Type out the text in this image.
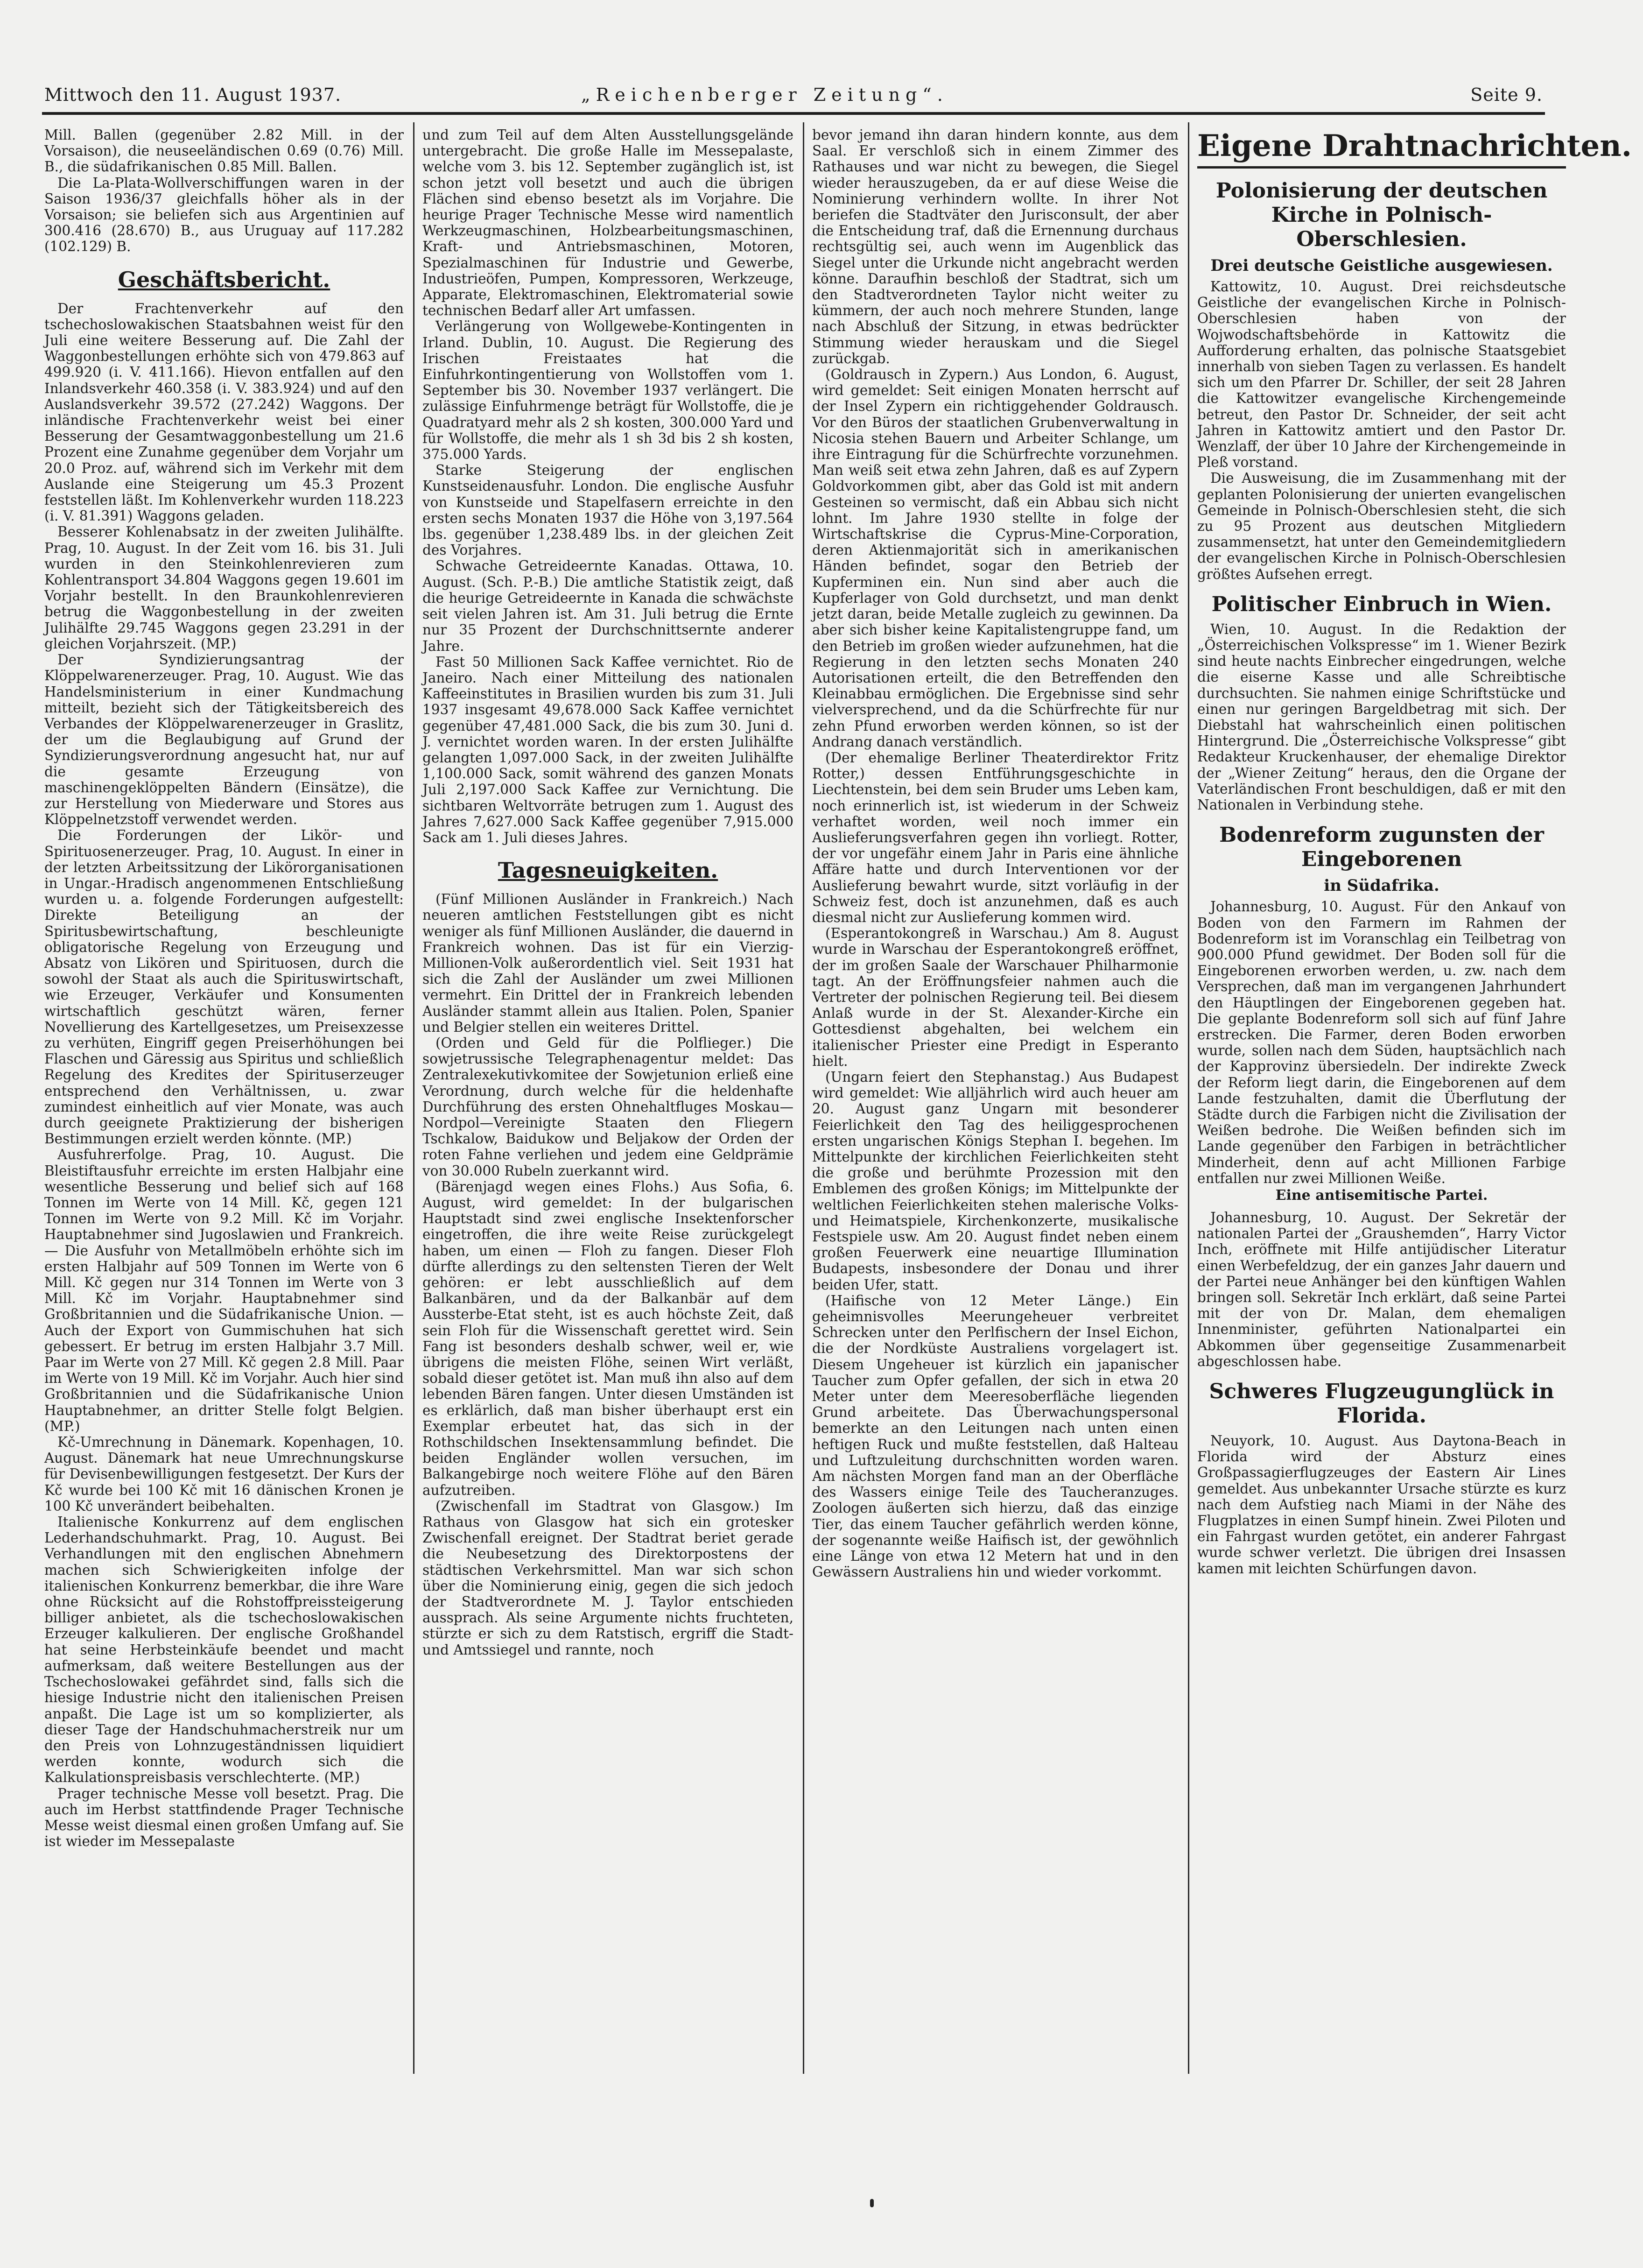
Mittwoch den 11. August 1937.	„Reichenberger Zeitung“.	Seite 9.

Mill. Ballen (gegenüber 2.82 Mill. in der Vorsaison), die neuseeländischen 0.69 (0.76) Mill. B., die südafrikanischen 0.85 Mill. Ballen.

Die La-Plata-Wollverschiffungen waren in der Saison 1936/37 gleichfalls höher als in der Vorsaison; sie beliefen sich aus Argentinien auf 300.416 (28.670) B., aus Uruguay auf 117.282 (102.129) B.

Geschäftsbericht.

Der Frachtenverkehr auf den tschechoslowakischen Staatsbahnen weist für den Juli eine weitere Besserung auf. Die Zahl der Waggonbestellungen erhöhte sich von 479.863 auf 499.920 (i. V. 411.166). Hievon entfallen auf den Inlandsverkehr 460.358 (i. V. 383.924) und auf den Auslandsverkehr 39.572 (27.242) Waggons. Der inländische Frachtenverkehr weist bei einer Besserung der Gesamtwaggonbestellung um 21.6 Prozent eine Zunahme gegenüber dem Vorjahr um 20.0 Proz. auf, während sich im Verkehr mit dem Auslande eine Steigerung um 45.3 Prozent feststellen läßt. Im Kohlenverkehr wurden 118.223 (i. V. 81.391) Waggons geladen.

Besserer Kohlenabsatz in der zweiten Julihälfte. Prag, 10. August. In der Zeit vom 16. bis 31. Juli wurden in den Steinkohlenrevieren zum Kohlentransport 34.804 Waggons gegen 19.601 im Vorjahr bestellt. In den Braunkohlenrevieren betrug die Waggonbestellung in der zweiten Julihälfte 29.745 Waggons gegen 23.291 in der gleichen Vorjahrszeit. (MP.)

Der Syndizierungsantrag der Klöppelwarenerzeuger. Prag, 10. August. Wie das Handelsministerium in einer Kundmachung mitteilt, bezieht sich der Tätigkeitsbereich des Verbandes der Klöppelwarenerzeuger in Graslitz, der um die Beglaubigung auf Grund der Syndizierungsverordnung angesucht hat, nur auf die gesamte Erzeugung von maschinengeklöppelten Bändern (Einsätze), die zur Herstellung von Miederware und Stores aus Klöppelnetzstoff verwendet werden.

Die Forderungen der Likör- und Spirituosenerzeuger. Prag, 10. August. In einer in der letzten Arbeitssitzung der Likörorganisationen in Ungar.-Hradisch angenommenen Entschließung wurden u. a. folgende Forderungen aufgestellt: Direkte Beteiligung an der Spiritusbewirtschaftung, beschleunigte obligatorische Regelung von Erzeugung und Absatz von Likören und Spirituosen, durch die sowohl der Staat als auch die Spirituswirtschaft, wie Erzeuger, Verkäufer und Konsumenten wirtschaftlich geschützt wären, ferner Novellierung des Kartellgesetzes, um Preisexzesse zu verhüten, Eingriff gegen Preiserhöhungen bei Flaschen und Gäressig aus Spiritus und schließlich Regelung des Kredites der Spirituserzeuger entsprechend den Verhältnissen, u. zwar zumindest einheitlich auf vier Monate, was auch durch geeignete Praktizierung der bisherigen Bestimmungen erzielt werden könnte. (MP.)

Ausfuhrerfolge. Prag, 10. August. Die Bleistiftausfuhr erreichte im ersten Halbjahr eine wesentliche Besserung und belief sich auf 168 Tonnen im Werte von 14 Mill. Kč, gegen 121 Tonnen im Werte von 9.2 Mill. Kč im Vorjahr. Hauptabnehmer sind Jugoslawien und Frankreich. — Die Ausfuhr von Metallmöbeln erhöhte sich im ersten Halbjahr auf 509 Tonnen im Werte von 6 Mill. Kč gegen nur 314 Tonnen im Werte von 3 Mill. Kč im Vorjahr. Hauptabnehmer sind Großbritannien und die Südafrikanische Union. — Auch der Export von Gummischuhen hat sich gebessert. Er betrug im ersten Halbjahr 3.7 Mill. Paar im Werte von 27 Mill. Kč gegen 2.8 Mill. Paar im Werte von 19 Mill. Kč im Vorjahr. Auch hier sind Großbritannien und die Südafrikanische Union Hauptabnehmer, an dritter Stelle folgt Belgien. (MP.)

Kč-Umrechnung in Dänemark. Kopenhagen, 10. August. Dänemark hat neue Umrechnungskurse für Devisenbewilligungen festgesetzt. Der Kurs der Kč wurde bei 100 Kč mit 16 dänischen Kronen je 100 Kč unverändert beibehalten.

Italienische Konkurrenz auf dem englischen Lederhandschuhmarkt. Prag, 10. August. Bei Verhandlungen mit den englischen Abnehmern machen sich Schwierigkeiten infolge der italienischen Konkurrenz bemerkbar, die ihre Ware ohne Rücksicht auf die Rohstoffpreissteigerung billiger anbietet, als die tschechoslowakischen Erzeuger kalkulieren. Der englische Großhandel hat seine Herbsteinkäufe beendet und macht aufmerksam, daß weitere Bestellungen aus der Tschechoslowakei gefährdet sind, falls sich die hiesige Industrie nicht den italienischen Preisen anpaßt. Die Lage ist um so komplizierter, als dieser Tage der Handschuhmacherstreik nur um den Preis von Lohnzugeständnissen liquidiert werden konnte, wodurch sich die Kalkulationspreisbasis verschlechterte. (MP.)

Prager technische Messe voll besetzt. Prag. Die auch im Herbst stattfindende Prager Technische Messe weist diesmal einen großen Umfang auf. Sie ist wieder im Messepalaste

und zum Teil auf dem Alten Ausstellungsgelände untergebracht. Die große Halle im Messepalaste, welche vom 3. bis 12. September zugänglich ist, ist schon jetzt voll besetzt und auch die übrigen Flächen sind ebenso besetzt als im Vorjahre. Die heurige Prager Technische Messe wird namentlich Werkzeugmaschinen, Holzbearbeitungsmaschinen, Kraft- und Antriebsmaschinen, Motoren, Spezialmaschinen für Industrie und Gewerbe, Industrieöfen, Pumpen, Kompressoren, Werkzeuge, Apparate, Elektromaschinen, Elektromaterial sowie technischen Bedarf aller Art umfassen.

Verlängerung von Wollgewebe-Kontingenten in Irland. Dublin, 10. August. Die Regierung des Irischen Freistaates hat die Einfuhrkontingentierung von Wollstoffen vom 1. September bis 30. November 1937 verlängert. Die zulässige Einfuhrmenge beträgt für Wollstoffe, die je Quadratyard mehr als 2 sh kosten, 300.000 Yard und für Wollstoffe, die mehr als 1 sh 3d bis 2 sh kosten, 375.000 Yards.

Starke Steigerung der englischen Kunstseidenausfuhr. London. Die englische Ausfuhr von Kunstseide und Stapelfasern erreichte in den ersten sechs Monaten 1937 die Höhe von 3,197.564 lbs. gegenüber 1,238.489 lbs. in der gleichen Zeit des Vorjahres.

Schwache Getreideernte Kanadas. Ottawa, 10. August. (Sch. P.-B.) Die amtliche Statistik zeigt, daß die heurige Getreideernte in Kanada die schwächste seit vielen Jahren ist. Am 31. Juli betrug die Ernte nur 35 Prozent der Durchschnittsernte anderer Jahre.

Fast 50 Millionen Sack Kaffee vernichtet. Rio de Janeiro. Nach einer Mitteilung des nationalen Kaffeeinstitutes in Brasilien wurden bis zum 31. Juli 1937 insgesamt 49,678.000 Sack Kaffee vernichtet gegenüber 47,481.000 Sack, die bis zum 30. Juni d. J. vernichtet worden waren. In der ersten Julihälfte gelangten 1,097.000 Sack, in der zweiten Julihälfte 1,100.000 Sack, somit während des ganzen Monats Juli 2,197.000 Sack Kaffee zur Vernichtung. Die sichtbaren Weltvorräte betrugen zum 1. August des Jahres 7,627.000 Sack Kaffee gegenüber 7,915.000 Sack am 1. Juli dieses Jahres.

Tagesneuigkeiten.

(Fünf Millionen Ausländer in Frankreich.) Nach neueren amtlichen Feststellungen gibt es nicht weniger als fünf Millionen Ausländer, die dauernd in Frankreich wohnen. Das ist für ein Vierzig-Millionen-Volk außerordentlich viel. Seit 1931 hat sich die Zahl der Ausländer um zwei Millionen vermehrt. Ein Drittel der in Frankreich lebenden Ausländer stammt allein aus Italien. Polen, Spanier und Belgier stellen ein weiteres Drittel.

(Orden und Geld für die Polflieger.) Die sowjetrussische Telegraphenagentur meldet: Das Zentralexekutivkomitee der Sowjetunion erließ eine Verordnung, durch welche für die heldenhafte Durchführung des ersten Ohnehaltfluges Moskau—Nordpol—Vereinigte Staaten den Fliegern Tschkalow, Baidukow und Beljakow der Orden der roten Fahne verliehen und jedem eine Geldprämie von 30.000 Rubeln zuerkannt wird.

(Bärenjagd wegen eines Flohs.) Aus Sofia, 6. August, wird gemeldet: In der bulgarischen Hauptstadt sind zwei englische Insektenforscher eingetroffen, die ihre weite Reise zurückgelegt haben, um einen — Floh zu fangen. Dieser Floh dürfte allerdings zu den seltensten Tieren der Welt gehören: er lebt ausschließlich auf dem Balkanbären, und da der Balkanbär auf dem Aussterbe-Etat steht, ist es auch höchste Zeit, daß sein Floh für die Wissenschaft gerettet wird. Sein Fang ist besonders deshalb schwer, weil er, wie übrigens die meisten Flöhe, seinen Wirt verläßt, sobald dieser getötet ist. Man muß ihn also auf dem lebenden Bären fangen. Unter diesen Umständen ist es erklärlich, daß man bisher überhaupt erst ein Exemplar erbeutet hat, das sich in der Rothschildschen Insektensammlung befindet. Die beiden Engländer wollen versuchen, im Balkangebirge noch weitere Flöhe auf den Bären aufzutreiben.

(Zwischenfall im Stadtrat von Glasgow.) Im Rathaus von Glasgow hat sich ein grotesker Zwischenfall ereignet. Der Stadtrat beriet gerade die Neubesetzung des Direktorpostens der städtischen Verkehrsmittel. Man war sich schon über die Nominierung einig, gegen die sich jedoch der Stadtverordnete M. J. Taylor entschieden aussprach. Als seine Argumente nichts fruchteten, stürzte er sich zu dem Ratstisch, ergriff die Stadt- und Amtssiegel und rannte, noch

bevor jemand ihn daran hindern konnte, aus dem Saal. Er verschloß sich in einem Zimmer des Rathauses und war nicht zu bewegen, die Siegel wieder herauszugeben, da er auf diese Weise die Nominierung verhindern wollte. In ihrer Not beriefen die Stadtväter den Jurisconsult, der aber die Entscheidung traf, daß die Ernennung durchaus rechtsgültig sei, auch wenn im Augenblick das Siegel unter die Urkunde nicht angebracht werden könne. Daraufhin beschloß der Stadtrat, sich um den Stadtverordneten Taylor nicht weiter zu kümmern, der auch noch mehrere Stunden, lange nach Abschluß der Sitzung, in etwas bedrückter Stimmung wieder herauskam und die Siegel zurückgab.

(Goldrausch in Zypern.) Aus London, 6. August, wird gemeldet: Seit einigen Monaten herrscht auf der Insel Zypern ein richtiggehender Goldrausch. Vor den Büros der staatlichen Grubenverwaltung in Nicosia stehen Bauern und Arbeiter Schlange, um ihre Eintragung für die Schürfrechte vorzunehmen. Man weiß seit etwa zehn Jahren, daß es auf Zypern Goldvorkommen gibt, aber das Gold ist mit andern Gesteinen so vermischt, daß ein Abbau sich nicht lohnt. Im Jahre 1930 stellte in folge der Wirtschaftskrise die Cyprus-Mine-Corporation, deren Aktienmajorität sich in amerikanischen Händen befindet, sogar den Betrieb der Kupferminen ein. Nun sind aber auch die Kupferlager von Gold durchsetzt, und man denkt jetzt daran, beide Metalle zugleich zu gewinnen. Da aber sich bisher keine Kapitalistengruppe fand, um den Betrieb im großen wieder aufzunehmen, hat die Regierung in den letzten sechs Monaten 240 Autorisationen erteilt, die den Betreffenden den Kleinabbau ermöglichen. Die Ergebnisse sind sehr vielversprechend, und da die Schürfrechte für nur zehn Pfund erworben werden können, so ist der Andrang danach verständlich.

(Der ehemalige Berliner Theaterdirektor Fritz Rotter,) dessen Entführungsgeschichte in Liechtenstein, bei dem sein Bruder ums Leben kam, noch erinnerlich ist, ist wiederum in der Schweiz verhaftet worden, weil noch immer ein Auslieferungsverfahren gegen ihn vorliegt. Rotter, der vor ungefähr einem Jahr in Paris eine ähnliche Affäre hatte und durch Interventionen vor der Auslieferung bewahrt wurde, sitzt vorläufig in der Schweiz fest, doch ist anzunehmen, daß es auch diesmal nicht zur Auslieferung kommen wird.

(Esperantokongreß in Warschau.) Am 8. August wurde in Warschau der Esperantokongreß eröffnet, der im großen Saale der Warschauer Philharmonie tagt. An der Eröffnungsfeier nahmen auch die Vertreter der polnischen Regierung teil. Bei diesem Anlaß wurde in der St. Alexander-Kirche ein Gottesdienst abgehalten, bei welchem ein italienischer Priester eine Predigt in Esperanto hielt.

(Ungarn feiert den Stephanstag.) Aus Budapest wird gemeldet: Wie alljährlich wird auch heuer am 20. August ganz Ungarn mit besonderer Feierlichkeit den Tag des heiliggesprochenen ersten ungarischen Königs Stephan I. begehen. Im Mittelpunkte der kirchlichen Feierlichkeiten steht die große und berühmte Prozession mit den Emblemen des großen Königs; im Mittelpunkte der weltlichen Feierlichkeiten stehen malerische Volks- und Heimatspiele, Kirchenkonzerte, musikalische Festspiele usw. Am 20. August findet neben einem großen Feuerwerk eine neuartige Illumination Budapests, insbesondere der Donau und ihrer beiden Ufer, statt.

(Haifische von 12 Meter Länge.) Ein geheimnisvolles Meerungeheuer verbreitet Schrecken unter den Perlfischern der Insel Eichon, die der Nordküste Australiens vorgelagert ist. Diesem Ungeheuer ist kürzlich ein japanischer Taucher zum Opfer gefallen, der sich in etwa 20 Meter unter dem Meeresoberfläche liegenden Grund arbeitete. Das Überwachungspersonal bemerkte an den Leitungen nach unten einen heftigen Ruck und mußte feststellen, daß Halteau und Luftzuleitung durchschnitten worden waren. Am nächsten Morgen fand man an der Oberfläche des Wassers einige Teile des Taucheranzuges. Zoologen äußerten sich hierzu, daß das einzige Tier, das einem Taucher gefährlich werden könne, der sogenannte weiße Haifisch ist, der gewöhnlich eine Länge von etwa 12 Metern hat und in den Gewässern Australiens hin und wieder vorkommt.

Eigene Drahtnachrichten.
Polonisierung der deutschen Kirche in Polnisch-Oberschlesien.
Drei deutsche Geistliche ausgewiesen.

Kattowitz, 10. August. Drei reichsdeutsche Geistliche der evangelischen Kirche in Polnisch-Oberschlesien haben von der Wojwodschaftsbehörde in Kattowitz die Aufforderung erhalten, das polnische Staatsgebiet innerhalb von sieben Tagen zu verlassen. Es handelt sich um den Pfarrer Dr. Schiller, der seit 28 Jahren die Kattowitzer evangelische Kirchengemeinde betreut, den Pastor Dr. Schneider, der seit acht Jahren in Kattowitz amtiert und den Pastor Dr. Wenzlaff, der über 10 Jahre der Kirchengemeinde in Pleß vorstand.

Die Ausweisung, die im Zusammenhang mit der geplanten Polonisierung der unierten evangelischen Gemeinde in Polnisch-Oberschlesien steht, die sich zu 95 Prozent aus deutschen Mitgliedern zusammensetzt, hat unter den Gemeindemitgliedern der evangelischen Kirche in Polnisch-Oberschlesien größtes Aufsehen erregt.

Politischer Einbruch in Wien.

Wien, 10. August. In die Redaktion der „Österreichischen Volkspresse“ im 1. Wiener Bezirk sind heute nachts Einbrecher eingedrungen, welche die eiserne Kasse und alle Schreibtische durchsuchten. Sie nahmen einige Schriftstücke und einen nur geringen Bargeldbetrag mit sich. Der Diebstahl hat wahrscheinlich einen politischen Hintergrund. Die „Österreichische Volkspresse“ gibt Redakteur Kruckenhauser, der ehemalige Direktor der „Wiener Zeitung“ heraus, den die Organe der Vaterländischen Front beschuldigen, daß er mit den Nationalen in Verbindung stehe.

Bodenreform zugunsten der Eingeborenen
in Südafrika.

Johannesburg, 10. August. Für den Ankauf von Boden von den Farmern im Rahmen der Bodenreform ist im Voranschlag ein Teilbetrag von 900.000 Pfund gewidmet. Der Boden soll für die Eingeborenen erworben werden, u. zw. nach dem Versprechen, daß man im vergangenen Jahrhundert den Häuptlingen der Eingeborenen gegeben hat. Die geplante Bodenreform soll sich auf fünf Jahre erstrecken. Die Farmer, deren Boden erworben wurde, sollen nach dem Süden, hauptsächlich nach der Kapprovinz übersiedeln. Der indirekte Zweck der Reform liegt darin, die Eingeborenen auf dem Lande festzuhalten, damit die Überflutung der Städte durch die Farbigen nicht die Zivilisation der Weißen bedrohe. Die Weißen befinden sich im Lande gegenüber den Farbigen in beträchtlicher Minderheit, denn auf acht Millionen Farbige entfallen nur zwei Millionen Weiße.

Eine antisemitische Partei.

Johannesburg, 10. August. Der Sekretär der nationalen Partei der „Graushemden“, Harry Victor Inch, eröffnete mit Hilfe antijüdischer Literatur einen Werbefeldzug, der ein ganzes Jahr dauern und der Partei neue Anhänger bei den künftigen Wahlen bringen soll. Sekretär Inch erklärt, daß seine Partei mit der von Dr. Malan, dem ehemaligen Innenminister, geführten Nationalpartei ein Abkommen über gegenseitige Zusammenarbeit abgeschlossen habe.

Schweres Flugzeugunglück in Florida.

Neuyork, 10. August. Aus Daytona-Beach in Florida wird der Absturz eines Großpassagierflugzeuges der Eastern Air Lines gemeldet. Aus unbekannter Ursache stürzte es kurz nach dem Aufstieg nach Miami in der Nähe des Flugplatzes in einen Sumpf hinein. Zwei Piloten und ein Fahrgast wurden getötet, ein anderer Fahrgast wurde schwer verletzt. Die übrigen drei Insassen kamen mit leichten Schürfungen davon.
